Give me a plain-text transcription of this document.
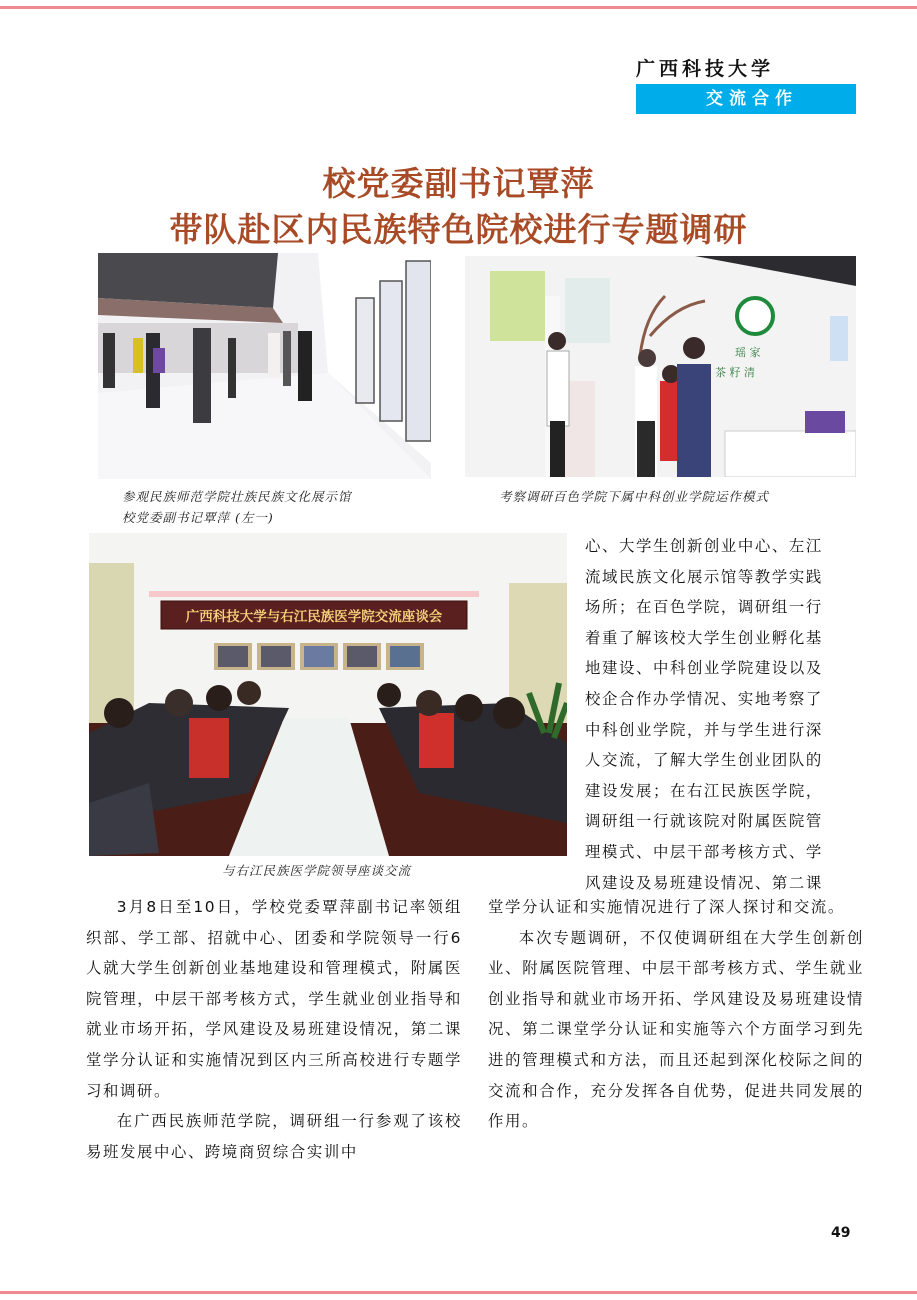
广西科技大学
交流合作
校党委副书记覃萍
带队赴区内民族特色院校进行专题调研
瑶 家
茶 籽 清
参观民族师范学院壮族民族文化展示馆
校党委副书记覃萍 (左一)
考察调研百色学院下属中科创业学院运作模式
广西科技大学与右江民族医学院交流座谈会
与右江民族医学院领导座谈交流

心、大学生创新创业中心、左江

流域民族文化展示馆等教学实践

场所；在百色学院，调研组一行

着重了解该校大学生创业孵化基

地建设、中科创业学院建设以及

校企合作办学情况、实地考察了

中科创业学院，并与学生进行深

人交流，了解大学生创业团队的

建设发展；在右江民族医学院，

调研组一行就该院对附属医院管

理模式、中层干部考核方式、学

风建设及易班建设情况、第二课

3月8日至10日，学校党委覃萍副书记率领组织部、学工部、招就中心、团委和学院领导一行6人就大学生创新创业基地建设和管理模式，附属医院管理，中层干部考核方式，学生就业创业指导和就业市场开拓，学风建设及易班建设情况，第二课堂学分认证和实施情况到区内三所高校进行专题学习和调研。

在广西民族师范学院，调研组一行参观了该校易班发展中心、跨境商贸综合实训中

堂学分认证和实施情况进行了深人探讨和交流。

本次专题调研，不仅使调研组在大学生创新创业、附属医院管理、中层干部考核方式、学生就业创业指导和就业市场开拓、学风建设及易班建设情况、第二课堂学分认证和实施等六个方面学习到先进的管理模式和方法，而且还起到深化校际之间的交流和合作，充分发挥各自优势，促进共同发展的作用。

49
